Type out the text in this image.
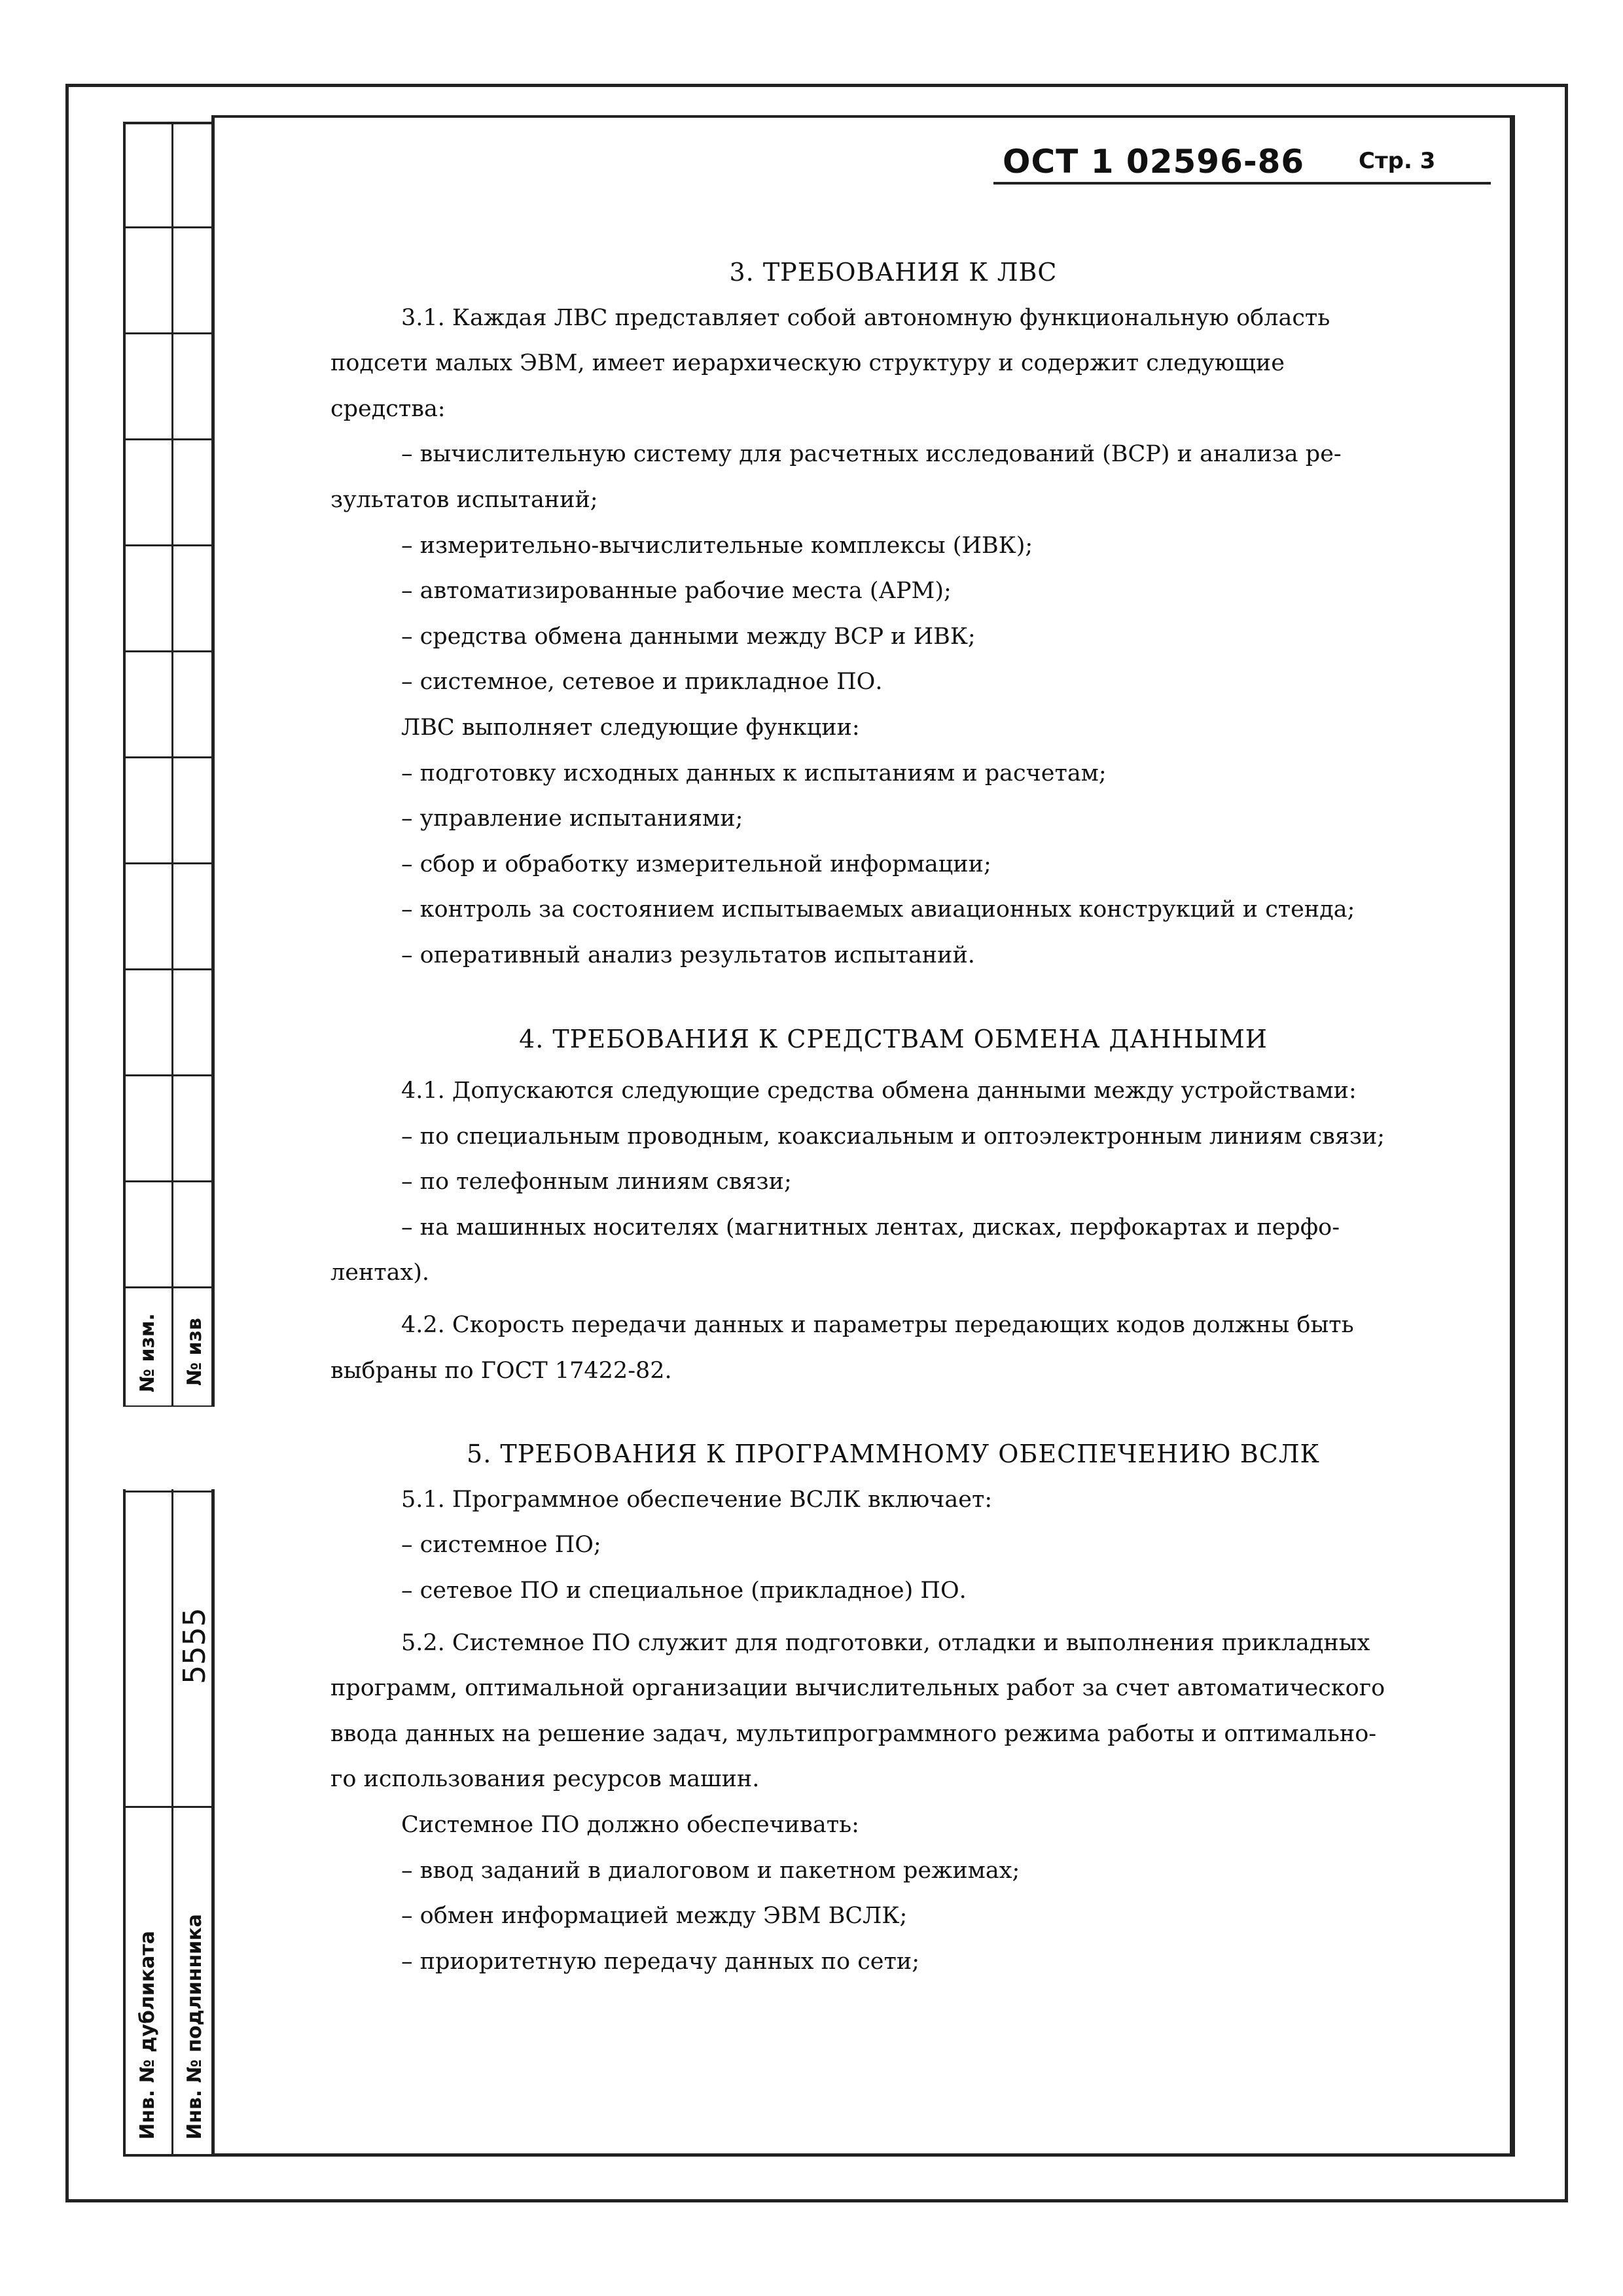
№ изм. № изв
5555
Инв. № дубликата Инв. № подлинника
ОСТ 1 02596-86 Стр. 3

3. ТРЕБОВАНИЯ К ЛВС

3.1. Каждая ЛВС представляет собой автономную функциональную область

подсети малых ЭВМ, имеет иерархическую структуру и содержит следующие

средства:

– вычислительную систему для расчетных исследований (ВСР) и анализа ре-

зультатов испытаний;

– измерительно-вычислительные комплексы (ИВК);

– автоматизированные рабочие места (АРМ);

– средства обмена данными между ВСР и ИВК;

– системное, сетевое и прикладное ПО.

ЛВС выполняет следующие функции:

– подготовку исходных данных к испытаниям и расчетам;

– управление испытаниями;

– сбор и обработку измерительной информации;

– контроль за состоянием испытываемых авиационных конструкций и стенда;

– оперативный анализ результатов испытаний.

4. ТРЕБОВАНИЯ К СРЕДСТВАМ ОБМЕНА ДАННЫМИ

4.1. Допускаются следующие средства обмена данными между устройствами:

– по специальным проводным, коаксиальным и оптоэлектронным линиям связи;

– по телефонным линиям связи;

– на машинных носителях (магнитных лентах, дисках, перфокартах и перфо-

лентах).

4.2. Скорость передачи данных и параметры передающих кодов должны быть

выбраны по ГОСТ 17422-82.

5. ТРЕБОВАНИЯ К ПРОГРАММНОМУ ОБЕСПЕЧЕНИЮ ВСЛК

5.1. Программное обеспечение ВСЛК включает:

– системное ПО;

– сетевое ПО и специальное (прикладное) ПО.

5.2. Системное ПО служит для подготовки, отладки и выполнения прикладных

программ, оптимальной организации вычислительных работ за счет автоматического

ввода данных на решение задач, мультипрограммного режима работы и оптимально-

го использования ресурсов машин.

Системное ПО должно обеспечивать:

– ввод заданий в диалоговом и пакетном режимах;

– обмен информацией между ЭВМ ВСЛК;

– приоритетную передачу данных по сети;
